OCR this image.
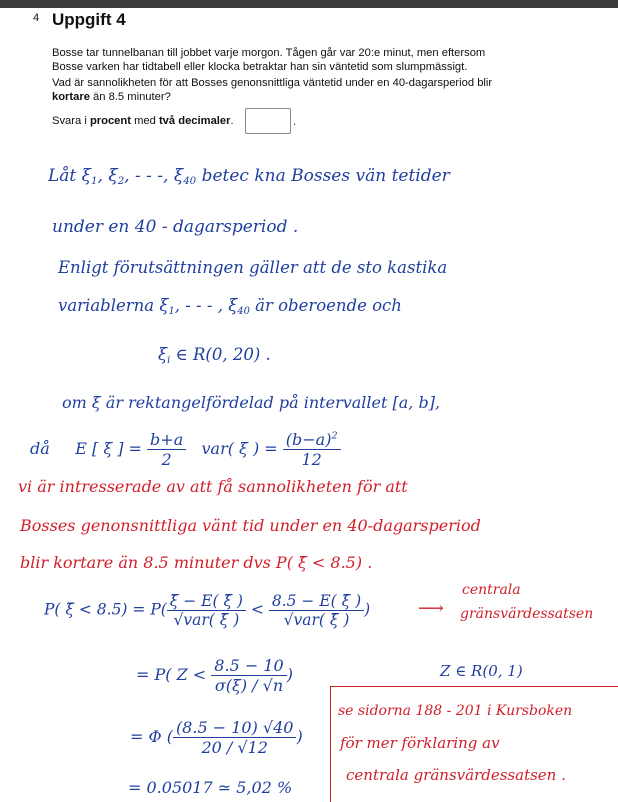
4 Uppgift 4
Bosse tar tunnelbanan till jobbet varje morgon. Tågen går var 20:e minut, men eftersom
Bosse varken har tidtabell eller klocka betraktar han sin väntetid som slumpmässigt.
Vad är sannolikheten för att Bosses genonsnittliga väntetid under en 40-dagarsperiod blir
kortare än 8.5 minuter?
Svara i procent med två decimaler.	.
Låt $\xi_1$, $\xi_2$, - - -, $\xi_{40}$ betec kna Bosses vän tetider
under en 40 - dagarsperiod .
Enligt förutsättningen gäller att de sto kastika
variablerna $\xi_1$, - - - , $\xi_{40}$ är oberoende och
$\xi_i$ ∈ R(0, 20) .
om ξ är rektangelfördelad på intervallet [a, b],
då E [ ξ ] = $\frac{b+a}{2} var$( ξ ) = $\frac{(b-a)^2}{12}$
vi är intresserade av att få sannolikheten för att
Bosses genonsnittliga vänt tid under en 40-dagarsperiod
blir kortare än 8.5 minuter dvs P( ξ̄ < 8.5) .
P( ξ̄ < $8.5) = P( \frac{\xī - E( \xī )}{\text{√var( ξ̄ )}} < \frac{8.5 - E( \xī )}{\text{√var( ξ̄ )}}$ )	⟶
centrala
gränsvärdessatsen
= P( $Z < \frac{8.5 - 10}{\sigma(\xi) / √n}$ )	Z ∈ R(0, 1)
= Φ ( $\frac{(8.5 - 10) √40}{20 / √12}$ )
= 0.05017 ≃ 5,02 %
se sidorna 188 - 201 i Kursboken
för mer förklaring av
centrala gränsvärdessatsen .
